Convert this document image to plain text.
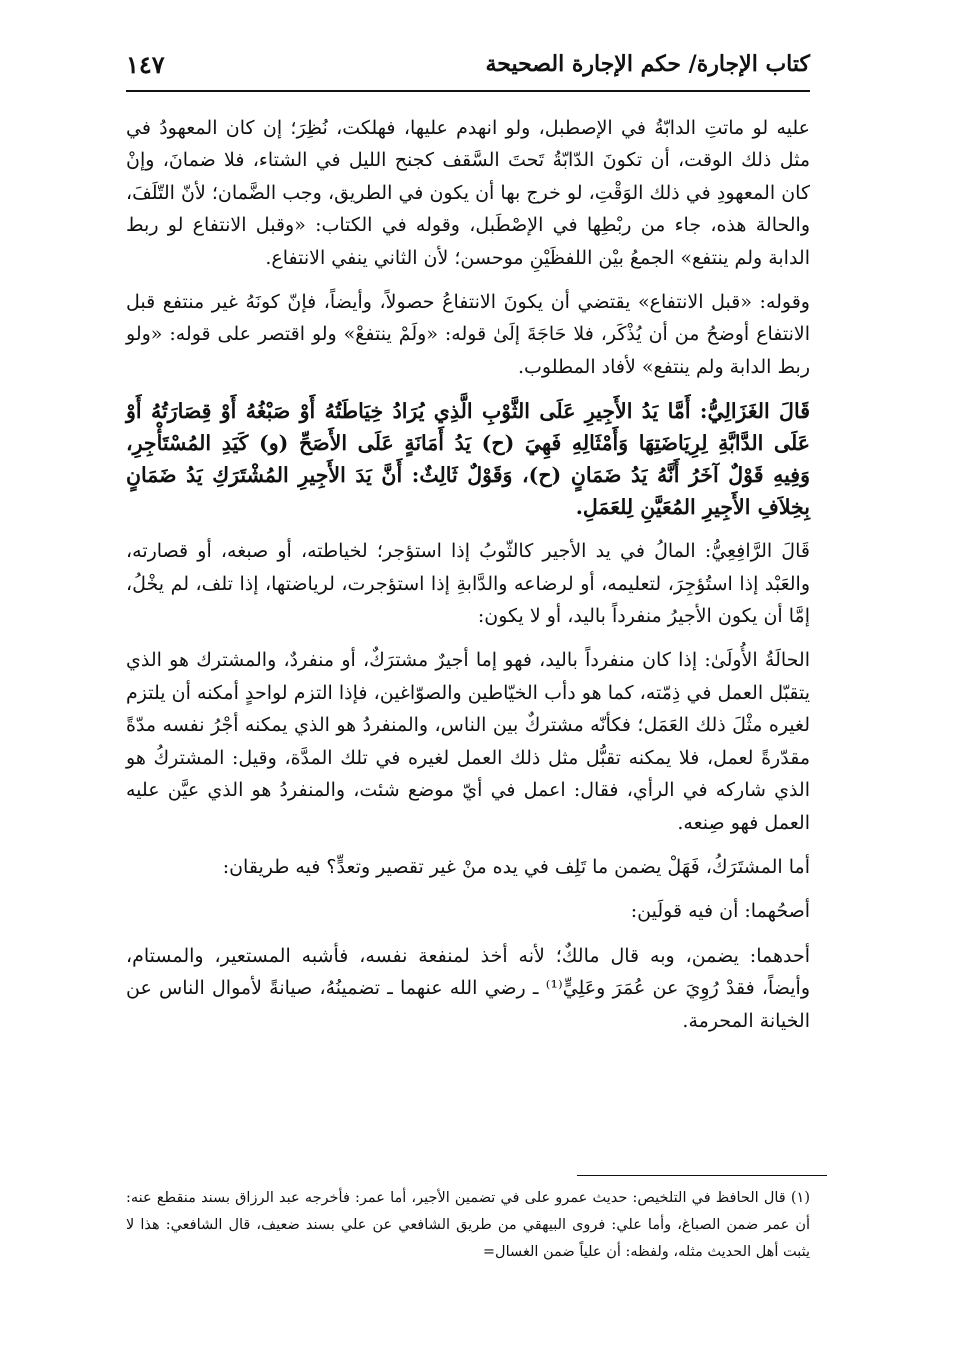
كتاب الإجارة/ حكم الإجارة الصحيحة
١٤٧

عليه لو ماتتِ الدابّةُ في الإصطبل، ولو انهدم عليها، فهلكت، نُظِرَ؛ إن كان المعهودُ في مثل ذلك الوقت، أن تكونَ الدّابّةُ تَحتَ السَّقف كجنح الليل في الشتاء، فلا ضمانَ، وإنْ كان المعهودِ في ذلك الوَقْتِ، لو خرج بها أن يكون في الطريق، وجب الضَّمان؛ لأنّ التّلَفَ، والحالة هذه، جاء من ربْطِها في الإصْطَبل، وقوله في الكتاب: «وقبل الانتفاع لو ربط الدابة ولم ينتفع» الجمعُ بيْن اللفظَيْنِ موحسن؛ لأن الثاني ينفي الانتفاع.

وقوله: «قبل الانتفاع» يقتضي أن يكونَ الانتفاعُ حصولاً، وأيضاً، فإنّ كونَهُ غير منتفع قبل الانتفاع أوضحُ من أن يُذْكَر، فلا حَاجَةَ إلَىٰ قوله: «ولَمْ ينتفعْ» ولو اقتصر على قوله: «ولو ربط الدابة ولم ينتفع» لأفاد المطلوب.

قَالَ الغَزَالِيُّ: أَمَّا يَدُ الأَجِيرِ عَلَى الثَّوْبِ الَّذِي يُرَادُ خِيَاطَتُهُ أَوْ صَبْغُهُ أَوْ قِصَارَتُهُ أَوْ عَلَى الدَّابَّةِ لِرِيَاضَتِهَا وَأَمْثَالِهِ فَهِيَ (ح) يَدُ أَمَانَةٍ عَلَى الأَصَحِّ (و) كَيَدِ المُسْتَأْجِرِ، وَفِيهِ قَوْلٌ آخَرُ أَنَّهُ يَدُ ضَمَانٍ (ح)، وَقَوْلٌ ثَالِثٌ: أَنَّ يَدَ الأَجِيرِ المُشْتَرَكِ يَدُ ضَمَانٍ بِخِلاَفِ الأَجِيرِ المُعَيَّنِ لِلعَمَلِ.

قَالَ الرَّافِعِيُّ: المالُ في يد الأجير كالثّوبُ إذا استؤجر؛ لخياطته، أو صبغه، أو قصارته، والعَبْد إذا استُؤجِرَ، لتعليمه، أو لرضاعه والدَّابةِ إذا استؤجرت، لرياضتها، إذا تلف، لم يخْلُ، إمَّا أن يكون الأجيرُ منفرداً باليد، أو لا يكون:

الحالَةُ الأُولَىٰ: إذا كان منفرداً باليد، فهو إما أجيرٌ مشترَكٌ، أو منفردٌ، والمشترك هو الذي يتقبّل العمل في ذِمّته، كما هو دأب الخيّاطين والصوّاغين، فإذا التزم لواحدٍ أمكنه أن يلتزم لغيره مثْلَ ذلك العَمَل؛ فكأنّه مشتركٌ بين الناس، والمنفردُ هو الذي يمكنه أجْرُ نفسه مدّةً مقدّرةً لعمل، فلا يمكنه تقبُّل مثل ذلك العمل لغيره في تلك المدَّة، وقيل: المشتركُ هو الذي شاركه في الرأي، فقال: اعمل في أيّ موضع شئت، والمنفردُ هو الذي عيَّن عليه العمل فهو صِنعه.

أما المشتَرَكُ، فَهَلْ يضمن ما تَلِف في يده منْ غير تقصير وتعدٍّ؟ فيه طريقان:

أصحُهما: أن فيه قولَين:

أحدهما: يضمن، وبه قال مالكٌ؛ لأنه أخذ لمنفعة نفسه، فأشبه المستعير، والمستام، وأيضاً، فقدْ رُوِيَ عن عُمَرَ وعَلِيٍّ⁽¹⁾ ـ رضي الله عنهما ـ تضمينُهُ، صيانةً لأموال الناس عن الخيانة المحرمة.

(١) قال الحافظ في التلخيص: حديث عمرو على في تضمين الأجير، أما عمر: فأخرجه عبد الرزاق بسند منقطع عنه: أن عمر ضمن الصباغ، وأما علي: فروى البيهقي من طريق الشافعي عن علي بسند ضعيف، قال الشافعي: هذا لا يثبت أهل الحديث مثله، ولفظه: أن علياً ضمن الغسال=
